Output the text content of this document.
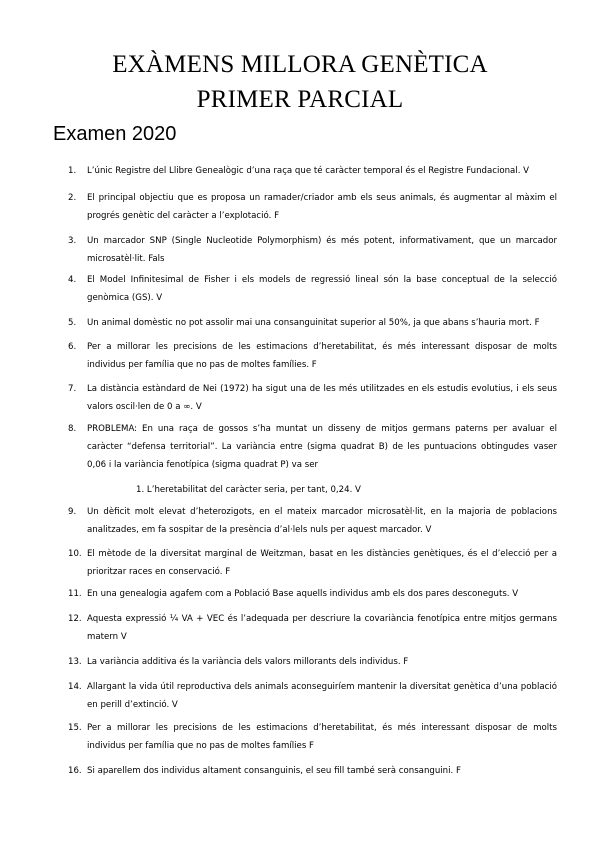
EXÀMENS MILLORA GENÈTICA
PRIMER PARCIAL
Examen 2020
1.	L’únic Registre del Llibre Genealògic d’una raça que té caràcter temporal és el Registre Fundacional. V
2.	El principal objectiu que es proposa un ramader/criador amb els seus animals, és augmentar al màxim el progrés genètic del caràcter a l’explotació. F
3.	Un marcador SNP (Single Nucleotide Polymorphism) és més potent, informativament, que un marcador microsatèl·lit. Fals
4.	El Model Infinitesimal de Fisher i els models de regressió lineal són la base conceptual de la selecció genòmica (GS). V
5.	Un animal domèstic no pot assolir mai una consanguinitat superior al 50%, ja que abans s’hauria mort. F
6.	Per a millorar les precisions de les estimacions d’heretabilitat, és més interessant disposar de molts individus per família que no pas de moltes famílies. F
7.	La distància estàndard de Nei (1972) ha sigut una de les més utilitzades en els estudis evolutius, i els seus valors oscil·len de 0 a ∞. V
8.	PROBLEMA: En una raça de gossos s’ha muntat un disseny de mitjos germans paterns per avaluar el caràcter “defensa territorial”. La variància entre (sigma quadrat B) de les puntuacions obtingudes vaser 0,06 i la variància fenotípica (sigma quadrat P) va ser
1. L’heretabilitat del caràcter seria, per tant, 0,24. V
9.	Un dèficit molt elevat d’heterozigots, en el mateix marcador microsatèl·lit, en la majoria de poblacions analitzades, em fa sospitar de la presència d’al·lels nuls per aquest marcador. V
10. El mètode de la diversitat marginal de Weitzman, basat en les distàncies genètiques, és el d’elecció per a prioritzar races en conservació. F
11. En una genealogia agafem com a Població Base aquells individus amb els dos pares desconeguts. V
12. Aquesta expressió ¼ VA + VEC és l’adequada per descriure la covariància fenotípica entre mitjos germans matern V
13. La variància additiva és la variància dels valors millorants dels individus. F
14. Allargant la vida útil reproductiva dels animals aconseguiríem mantenir la diversitat genètica d’una població en perill d’extinció. V
15. Per a millorar les precisions de les estimacions d’heretabilitat, és més interessant disposar de molts individus per família que no pas de moltes famílies F
16. Si aparellem dos individus altament consanguinis, el seu fill també serà consanguini. F
